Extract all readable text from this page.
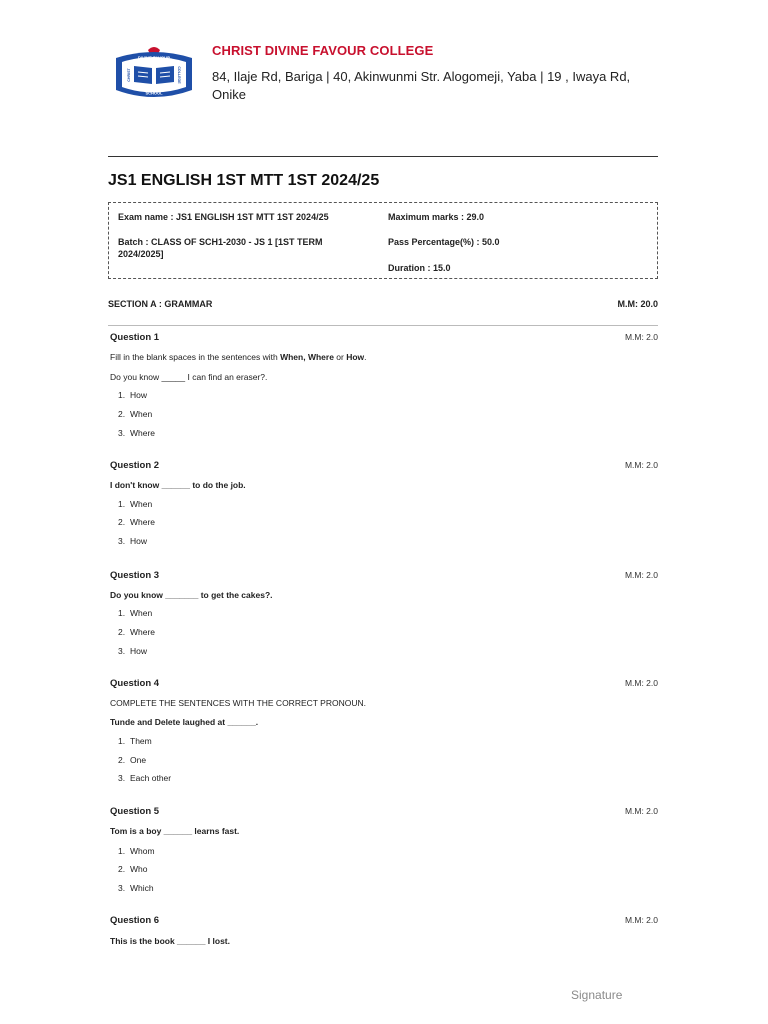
DIVINE FAVOUR
CHRIST	COLLEGE
SCHOOL
CHRIST DIVINE FAVOUR COLLEGE
84, Ilaje Rd, Bariga | 40, Akinwunmi Str. Alogomeji, Yaba | 19 , Iwaya Rd, Onike
JS1 ENGLISH 1ST MTT 1ST 2024/25
Exam name : JS1 ENGLISH 1ST MTT 1ST 2024/25
Batch : CLASS OF SCH1-2030 - JS 1 [1ST TERM
2024/2025]
Maximum marks : 29.0
Pass Percentage(%) : 50.0
Duration : 15.0
SECTION A : GRAMMAR	M.M: 20.0
Question 1	M.M: 2.0
Fill in the blank spaces in the sentences with When, Where or How.
Do you know _____ I can find an eraser?.
1. How
2. When
3. Where
Question 2	M.M: 2.0
I don't know ______ to do the job.
1. When
2. Where
3. How
Question 3	M.M: 2.0
Do you know _______ to get the cakes?.
1. When
2. Where
3. How
Question 4	M.M: 2.0
COMPLETE THE SENTENCES WITH THE CORRECT PRONOUN.
Tunde and Delete laughed at ______.
1. Them
2. One
3. Each other
Question 5	M.M: 2.0
Tom is a boy ______ learns fast.
1. Whom
2. Who
3. Which
Question 6	M.M: 2.0
This is the book ______ I lost.
Signature
